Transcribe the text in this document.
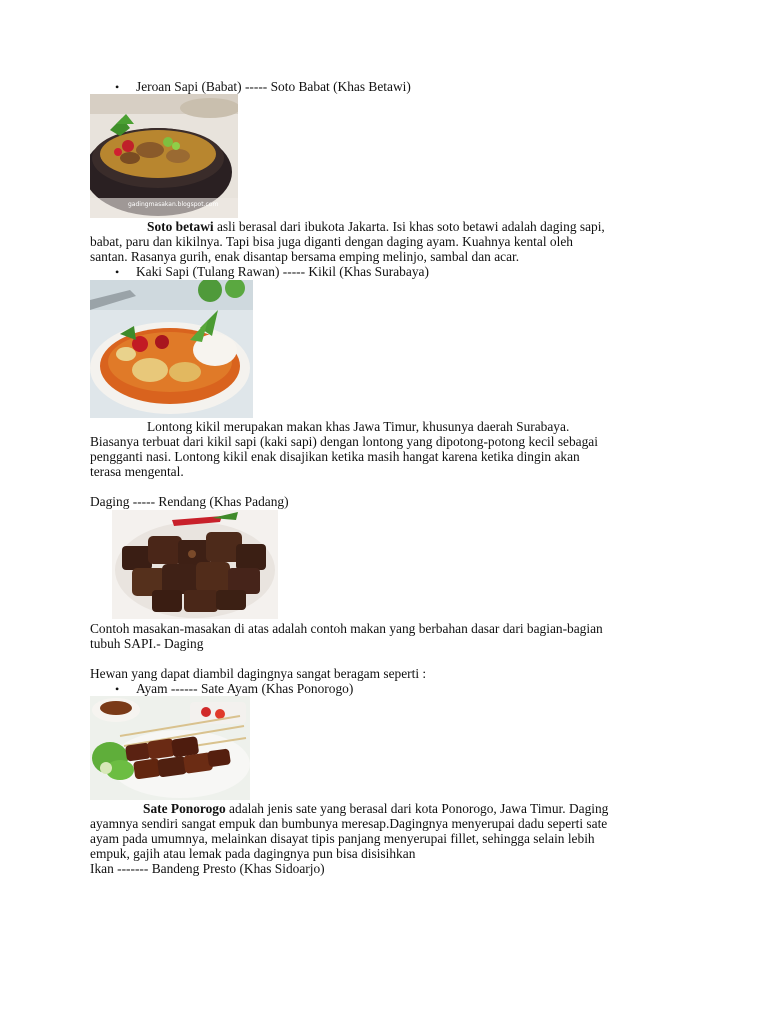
• Jeroan Sapi (Babat) ----- Soto Babat (Khas Betawi)
gadingmasakan.blogspot.com
Soto betawi asli berasal dari ibukota Jakarta. Isi khas soto betawi adalah daging sapi,
babat, paru dan kikilnya. Tapi bisa juga diganti dengan daging ayam. Kuahnya kental oleh
santan. Rasanya gurih, enak disantap bersama emping melinjo, sambal dan acar.
• Kaki Sapi (Tulang Rawan) ----- Kikil (Khas Surabaya)
Lontong kikil merupakan makan khas Jawa Timur, khusunya daerah Surabaya.
Biasanya terbuat dari kikil sapi (kaki sapi) dengan lontong yang dipotong-potong kecil sebagai
pengganti nasi. Lontong kikil enak disajikan ketika masih hangat karena ketika dingin akan
terasa mengental.
Daging ----- Rendang (Khas Padang)
Contoh masakan-masakan di atas adalah contoh makan yang berbahan dasar dari bagian-bagian
tubuh SAPI.- Daging
Hewan yang dapat diambil dagingnya sangat beragam seperti :
• Ayam ------ Sate Ayam (Khas Ponorogo)
Sate Ponorogo adalah jenis sate yang berasal dari kota Ponorogo, Jawa Timur. Daging
ayamnya sendiri sangat empuk dan bumbunya meresap.Dagingnya menyerupai dadu seperti sate
ayam pada umumnya, melainkan disayat tipis panjang menyerupai fillet, sehingga selain lebih
empuk, gajih atau lemak pada dagingnya pun bisa disisihkan
Ikan ------- Bandeng Presto (Khas Sidoarjo)
